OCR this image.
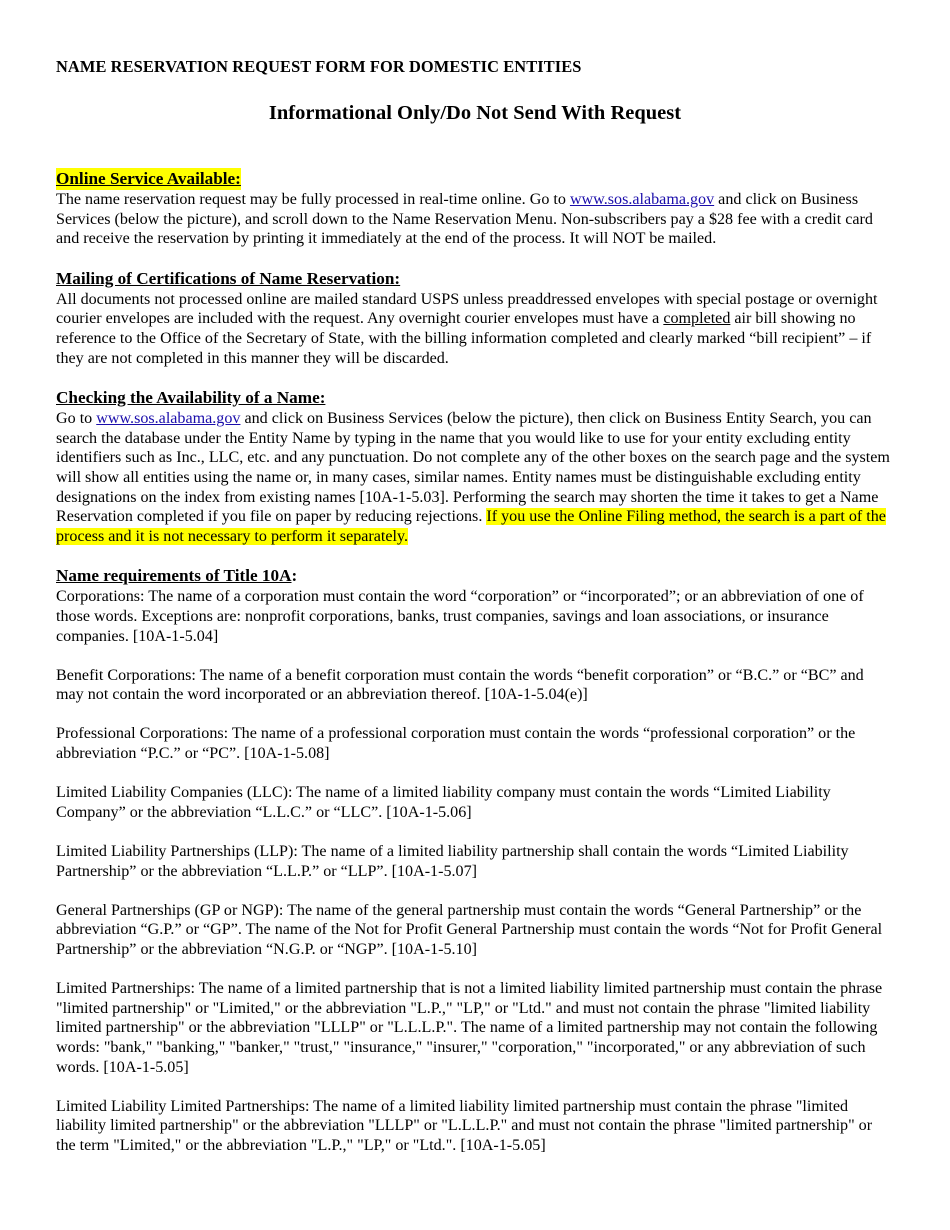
NAME RESERVATION REQUEST FORM FOR DOMESTIC ENTITIES
Informational Only/Do Not Send With Request
Online Service Available:

The name reservation request may be fully processed in real-time online. Go to www.sos.alabama.gov and click on Business Services (below the picture), and scroll down to the Name Reservation Menu. Non-subscribers pay a $28 fee with a credit card and receive the reservation by printing it immediately at the end of the process. It will NOT be mailed.

Mailing of Certifications of Name Reservation:

All documents not processed online are mailed standard USPS unless preaddressed envelopes with special postage or overnight courier envelopes are included with the request. Any overnight courier envelopes must have a completed air bill showing no reference to the Office of the Secretary of State, with the billing information completed and clearly marked “bill recipient” – if they are not completed in this manner they will be discarded.

Checking the Availability of a Name:

Go to www.sos.alabama.gov and click on Business Services (below the picture), then click on Business Entity Search, you can search the database under the Entity Name by typing in the name that you would like to use for your entity excluding entity identifiers such as Inc., LLC, etc. and any punctuation. Do not complete any of the other boxes on the search page and the system will show all entities using the name or, in many cases, similar names. Entity names must be distinguishable excluding entity designations on the index from existing names [10A-1-5.03]. Performing the search may shorten the time it takes to get a Name Reservation completed if you file on paper by reducing rejections. If you use the Online Filing method, the search is a part of the process and it is not necessary to perform it separately.

Name requirements of Title 10A:

Corporations: The name of a corporation must contain the word “corporation” or “incorporated”; or an abbreviation of one of those words. Exceptions are: nonprofit corporations, banks, trust companies, savings and loan associations, or insurance companies. [10A-1-5.04]

Benefit Corporations: The name of a benefit corporation must contain the words “benefit corporation” or “B.C.” or “BC” and may not contain the word incorporated or an abbreviation thereof. [10A-1-5.04(e)]

Professional Corporations: The name of a professional corporation must contain the words “professional corporation” or the abbreviation “P.C.” or “PC”. [10A-1-5.08]

Limited Liability Companies (LLC): The name of a limited liability company must contain the words “Limited Liability Company” or the abbreviation “L.L.C.” or “LLC”. [10A-1-5.06]

Limited Liability Partnerships (LLP): The name of a limited liability partnership shall contain the words “Limited Liability Partnership” or the abbreviation “L.L.P.” or “LLP”. [10A-1-5.07]

General Partnerships (GP or NGP): The name of the general partnership must contain the words “General Partnership” or the abbreviation “G.P.” or “GP”. The name of the Not for Profit General Partnership must contain the words “Not for Profit General Partnership” or the abbreviation “N.G.P. or “NGP”. [10A-1-5.10]

Limited Partnerships: The name of a limited partnership that is not a limited liability limited partnership must contain the phrase "limited partnership" or "Limited," or the abbreviation "L.P.," "LP," or "Ltd." and must not contain the phrase "limited liability limited partnership" or the abbreviation "LLLP" or "L.L.L.P.". The name of a limited partnership may not contain the following words: "bank," "banking," "banker," "trust," "insurance," "insurer," "corporation," "incorporated," or any abbreviation of such words. [10A-1-5.05]

Limited Liability Limited Partnerships: The name of a limited liability limited partnership must contain the phrase "limited liability limited partnership" or the abbreviation "LLLP" or "L.L.L.P." and must not contain the phrase "limited partnership" or the term "Limited," or the abbreviation "L.P.," "LP," or "Ltd.". [10A-1-5.05]
